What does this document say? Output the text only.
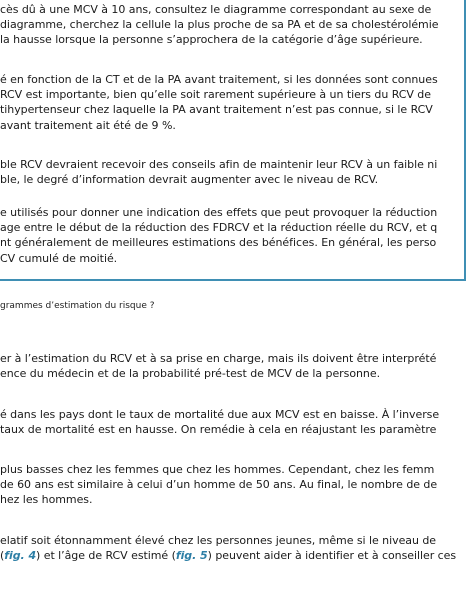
cès dû à une MCV à 10 ans, consultez le diagramme correspondant au sexe de
diagramme, cherchez la cellule la plus proche de sa PA et de sa cholestérolémie
la hausse lorsque la personne s’approchera de la catégorie d’âge supérieure.
é en fonction de la CT et de la PA avant traitement, si les données sont connues
RCV est importante, bien qu’elle soit rarement supérieure à un tiers du RCV de
tihypertenseur chez laquelle la PA avant traitement n’est pas connue, si le RCV
avant traitement ait été de 9 %.
ble RCV devraient recevoir des conseils afin de maintenir leur RCV à un faible ni
ble, le degré d’information devrait augmenter avec le niveau de RCV.
e utilisés pour donner une indication des effets que peut provoquer la réduction
age entre le début de la réduction des FDRCV et la réduction réelle du RCV, et q
nt généralement de meilleures estimations des bénéfices. En général, les perso
CV cumulé de moitié.
grammes d’estimation du risque ?
er à l’estimation du RCV et à sa prise en charge, mais ils doivent être interprété
ence du médecin et de la probabilité pré-test de MCV de la personne.
é dans les pays dont le taux de mortalité due aux MCV est en baisse. À l’inverse
taux de mortalité est en hausse. On remédie à cela en réajustant les paramètre
plus basses chez les femmes que chez les hommes. Cependant, chez les femm
de 60 ans est similaire à celui d’un homme de 50 ans. Au final, le nombre de de
hez les hommes.
elatif soit étonnamment élevé chez les personnes jeunes, même si le niveau de
(fig. 4) et l’âge de RCV estimé (fig. 5) peuvent aider à identifier et à conseiller ces
